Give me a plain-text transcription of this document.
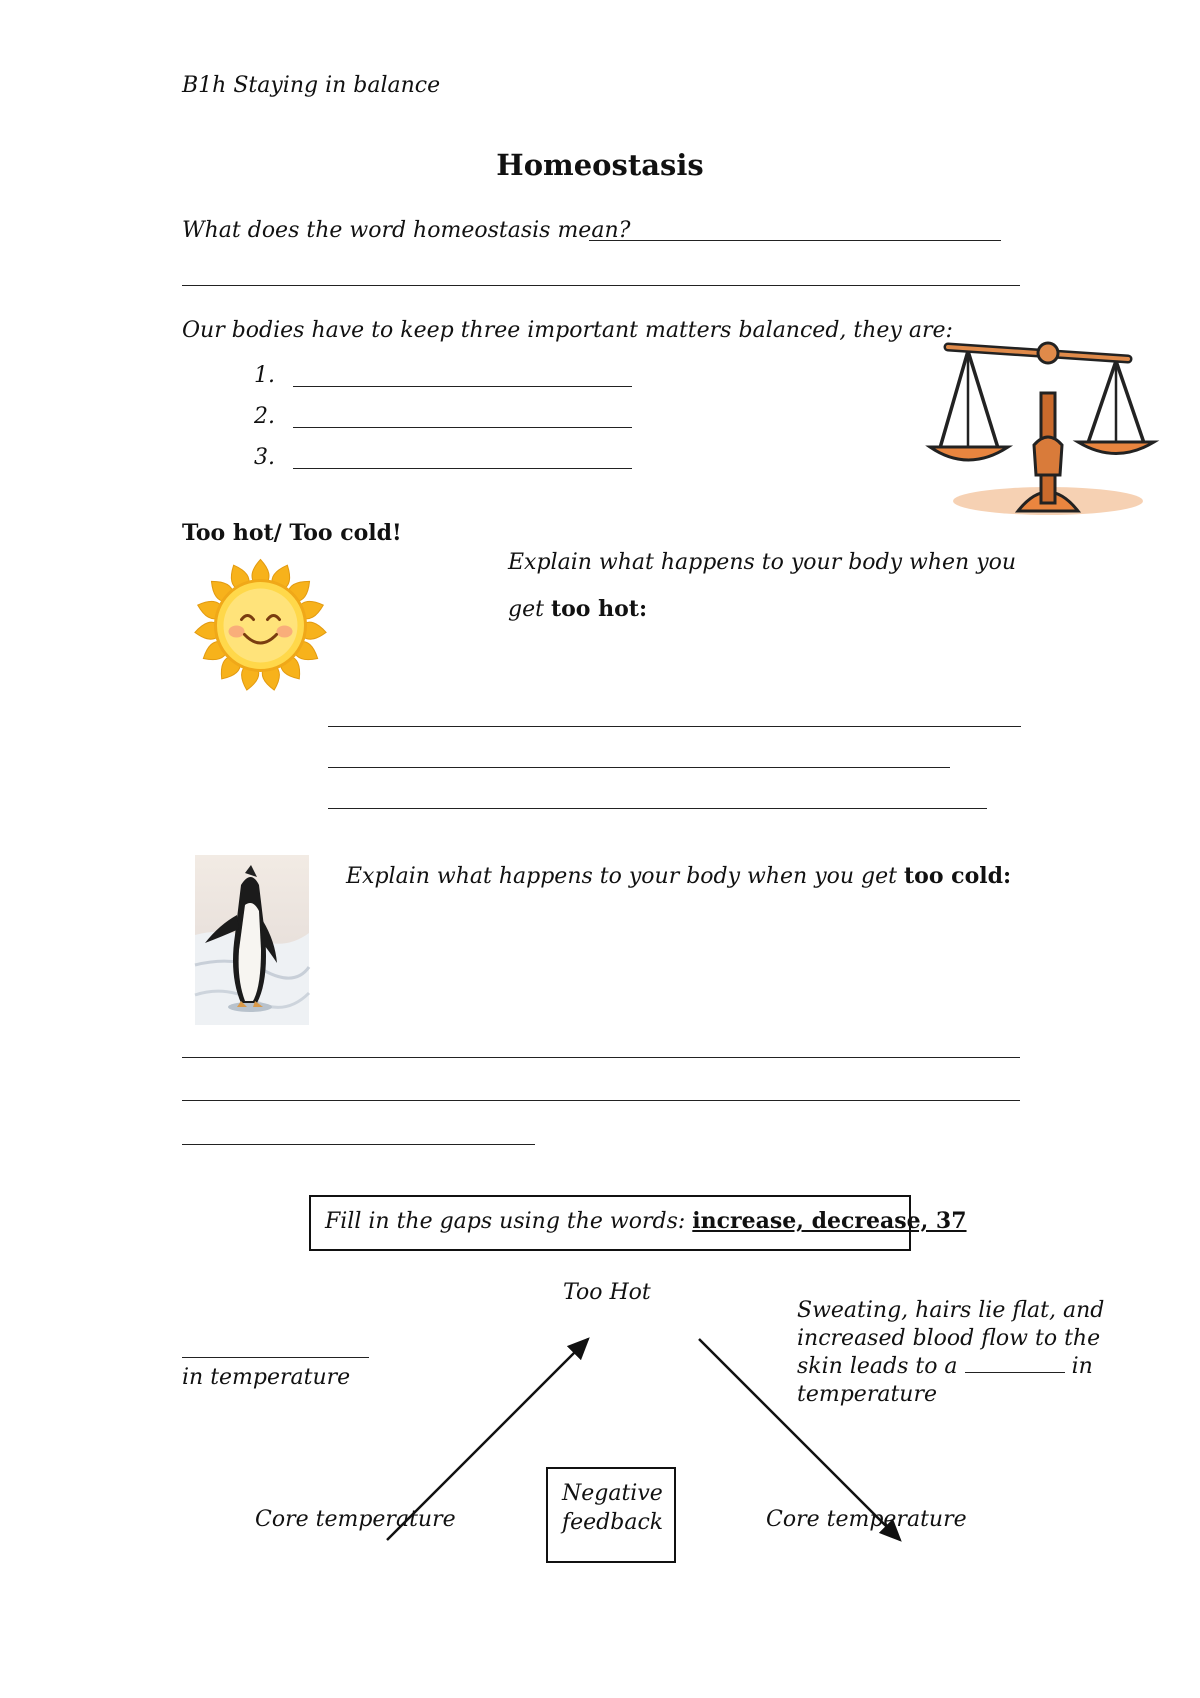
B1h Staying in balance
Homeostasis
What does the word homeostasis mean?
Our bodies have to keep three important matters balanced, they are:
1.
2.
3.
Too hot/ Too cold!
Explain what happens to your body when you
get too hot:
Explain what happens to your body when you get too cold:
Fill in the gaps using the words: increase, decrease, 37
Too Hot
in temperature
Sweating, hairs lie flat, and
increased blood flow to the
skin leads to a	in
temperature
Core temperature	Core temperature
Negative
feedback
